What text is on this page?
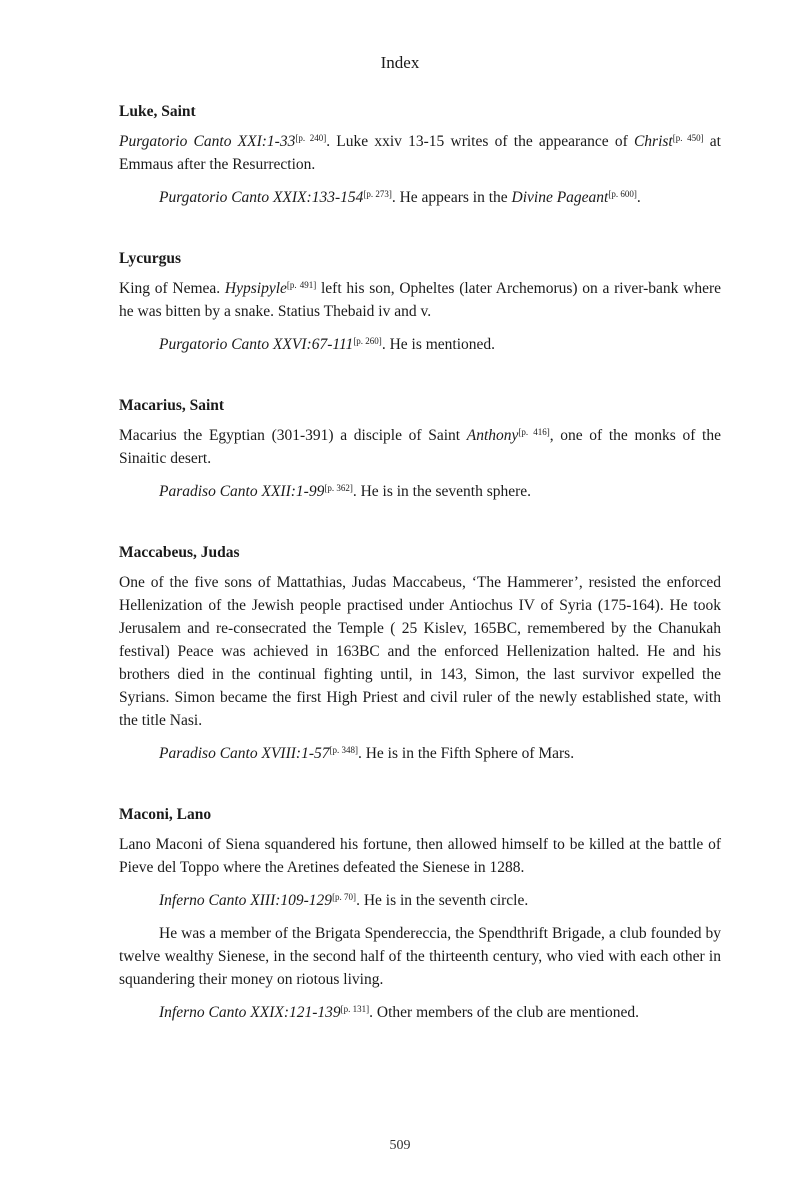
Index
Luke, Saint

Purgatorio Canto XXI:1-33[p. 240]. Luke xxiv 13-15 writes of the appearance of Christ[p. 450] at Emmaus after the Resurrection.

Purgatorio Canto XXIX:133-154[p. 273]. He appears in the Divine Pageant[p. 600].

Lycurgus

King of Nemea. Hypsipyle[p. 491] left his son, Opheltes (later Archemorus) on a river-bank where he was bitten by a snake. Statius Thebaid iv and v.

Purgatorio Canto XXVI:67-111[p. 260]. He is mentioned.

Macarius, Saint

Macarius the Egyptian (301-391) a disciple of Saint Anthony[p. 416], one of the monks of the Sinaitic desert.

Paradiso Canto XXII:1-99[p. 362]. He is in the seventh sphere.

Maccabeus, Judas

One of the five sons of Mattathias, Judas Maccabeus, ‘The Hammerer’, resisted the enforced Hellenization of the Jewish people practised under Antiochus IV of Syria (175-164). He took Jerusalem and re-consecrated the Temple ( 25 Kislev, 165BC, remembered by the Chanukah festival) Peace was achieved in 163BC and the enforced Hellenization halted. He and his brothers died in the continual fighting until, in 143, Simon, the last survivor expelled the Syrians. Simon became the first High Priest and civil ruler of the newly established state, with the title Nasi.

Paradiso Canto XVIII:1-57[p. 348]. He is in the Fifth Sphere of Mars.

Maconi, Lano

Lano Maconi of Siena squandered his fortune, then allowed himself to be killed at the battle of Pieve del Toppo where the Aretines defeated the Sienese in 1288.

Inferno Canto XIII:109-129[p. 70]. He is in the seventh circle.

He was a member of the Brigata Spendereccia, the Spendthrift Brigade, a club founded by twelve wealthy Sienese, in the second half of the thirteenth century, who vied with each other in squandering their money on riotous living.

Inferno Canto XXIX:121-139[p. 131]. Other members of the club are mentioned.

509
